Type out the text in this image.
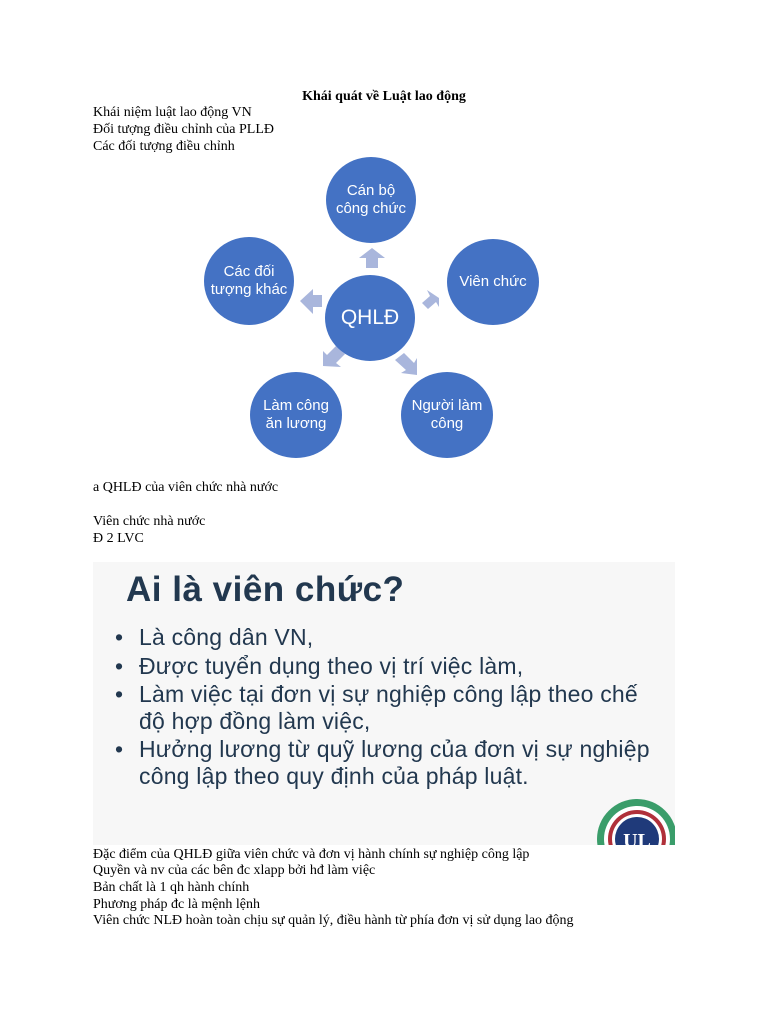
Khái quát về Luật lao động
Khái niệm luật lao động VN
Đối tượng điều chỉnh của PLLĐ
Các đối tượng điều chỉnh
Cán bộ công chức
Viên chức
Người làm công
Làm công ăn lương
Các đối tượng khác
QHLĐ
a QHLĐ của viên chức nhà nước
Viên chức nhà nước
Đ 2 LVC
Ai là viên chức?
• Là công dân VN,
• Được tuyển dụng theo vị trí việc làm,
• Làm việc tại đơn vị sự nghiệp công lập theo chế độ hợp đồng làm việc,
• Hưởng lương từ quỹ lương của đơn vị sự nghiệp công lập theo quy định của pháp luật.
UL
Đặc điểm của QHLĐ giữa viên chức và đơn vị hành chính sự nghiệp công lập
Quyền và nv của các bên đc xlapp bởi hđ làm việc
Bản chất là 1 qh hành chính
Phương pháp đc là mệnh lệnh
Viên chức NLĐ hoàn toàn chịu sự quản lý, điều hành từ phía đơn vị sử dụng lao động
